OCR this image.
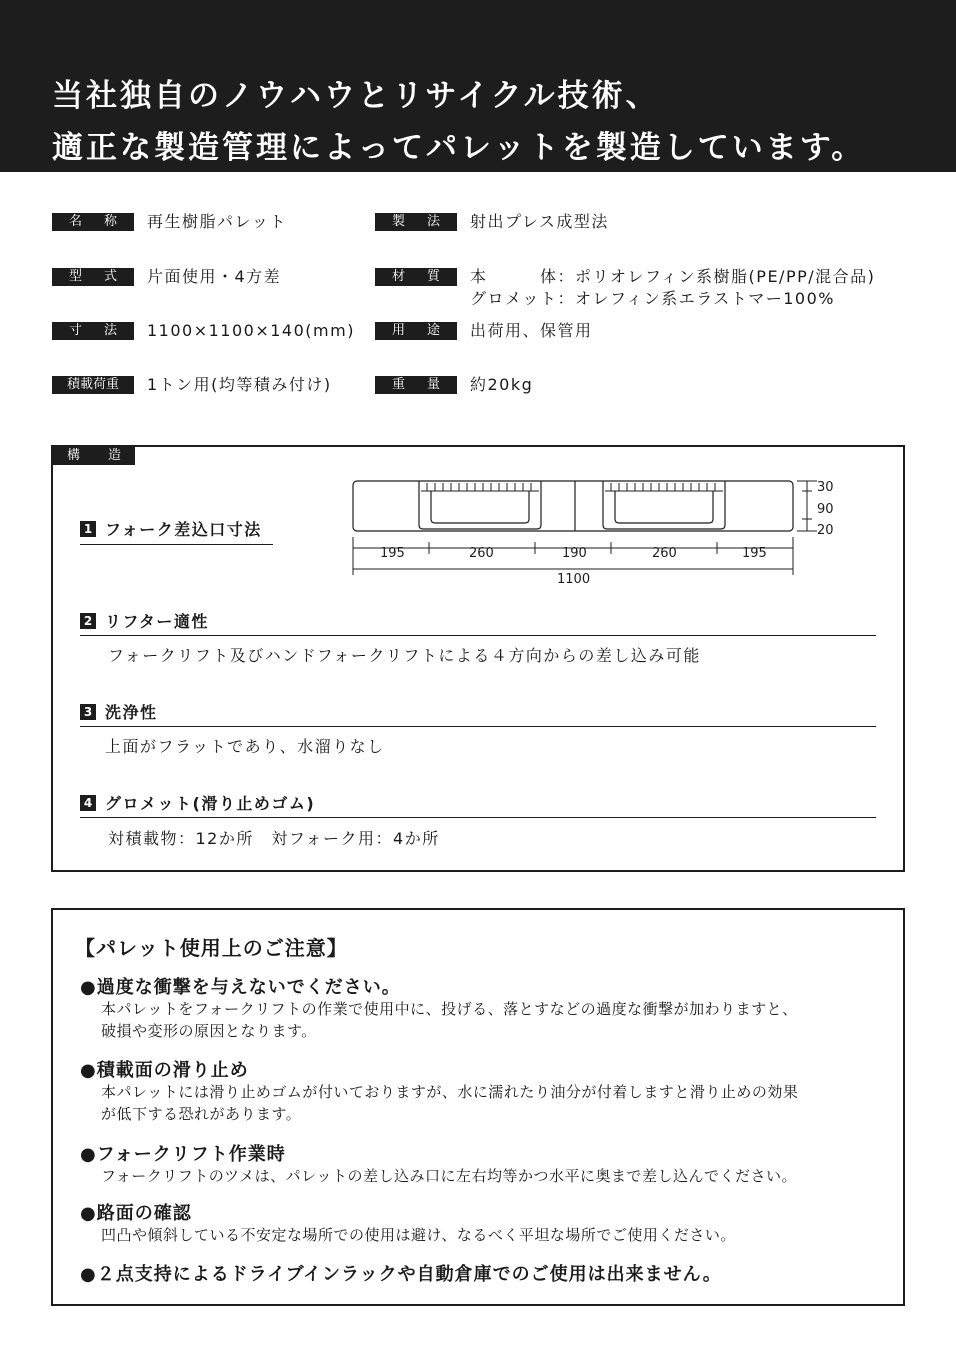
当社独自のノウハウとリサイクル技術、
適正な製造管理によってパレットを製造しています。
名 称 再生樹脂パレット	製 法 射出プレス成型法
型 式 片面使用・4方差	材 質 本　　　体：ポリオレフィン系樹脂(PE/PP/混合品)
グロメット：オレフィン系エラストマー100%
寸 法 1100×1100×140(mm)	用 途 出荷用、保管用
積載荷重 1トン用(均等積み付け)	重 量 約20kg
構 造
1 フォーク差込口寸法
30
90
20
195	260	190	260	195
1100
2 リフター適性
フォークリフト及びハンドフォークリフトによる４方向からの差し込み可能
3 洗浄性
上面がフラットであり、水溜りなし
4 グロメット(滑り止めゴム)
対積載物：12か所　対フォーク用：4か所
【パレット使用上のご注意】
●過度な衝撃を与えないでください。
本パレットをフォークリフトの作業で使用中に、投げる、落とすなどの過度な衝撃が加わりますと、
破損や変形の原因となります。
●積載面の滑り止め
本パレットには滑り止めゴムが付いておりますが、水に濡れたり油分が付着しますと滑り止めの効果
が低下する恐れがあります。
●フォークリフト作業時
フォークリフトのツメは、パレットの差し込み口に左右均等かつ水平に奥まで差し込んでください。
●路面の確認
凹凸や傾斜している不安定な場所での使用は避け、なるべく平坦な場所でご使用ください。
●２点支持によるドライブインラックや自動倉庫でのご使用は出来ません。
